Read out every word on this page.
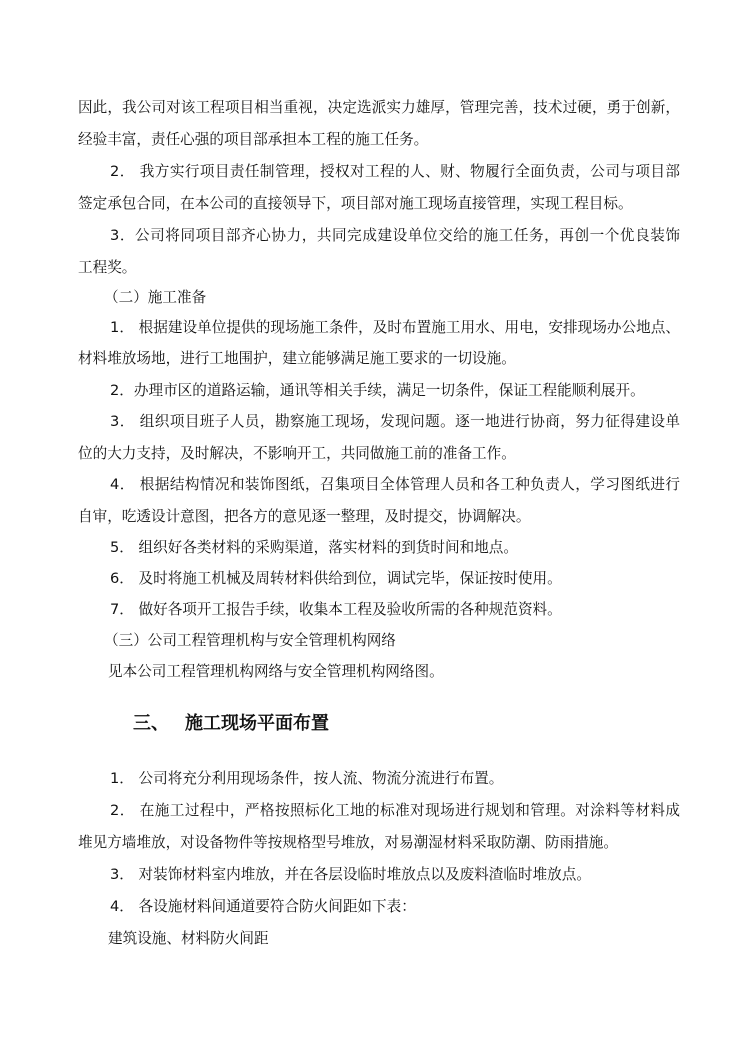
因此，我公司对该工程项目相当重视，决定选派实力雄厚，管理完善，技术过硬，勇于创新，
经验丰富，责任心强的项目部承担本工程的施工任务。
2． 我方实行项目责任制管理，授权对工程的人、财、物履行全面负责，公司与项目部
签定承包合同，在本公司的直接领导下，项目部对施工现场直接管理，实现工程目标。
3．公司将同项目部齐心协力，共同完成建设单位交给的施工任务，再创一个优良装饰
工程奖。
（二）施工准备
1． 根据建设单位提供的现场施工条件，及时布置施工用水、用电，安排现场办公地点、
材料堆放场地，进行工地围护，建立能够满足施工要求的一切设施。
2．办理市区的道路运输，通讯等相关手续，满足一切条件，保证工程能顺利展开。
3． 组织项目班子人员，勘察施工现场，发现问题。逐一地进行协商，努力征得建设单
位的大力支持，及时解决，不影响开工，共同做施工前的准备工作。
4． 根据结构情况和装饰图纸，召集项目全体管理人员和各工种负责人，学习图纸进行
自审，吃透设计意图，把各方的意见逐一整理，及时提交，协调解决。
5． 组织好各类材料的采购渠道，落实材料的到货时间和地点。
6． 及时将施工机械及周转材料供给到位，调试完毕，保证按时使用。
7． 做好各项开工报告手续，收集本工程及验收所需的各种规范资料。
（三）公司工程管理机构与安全管理机构网络
见本公司工程管理机构网络与安全管理机构网络图。
三、 施工现场平面布置
1． 公司将充分利用现场条件，按人流、物流分流进行布置。
2． 在施工过程中，严格按照标化工地的标准对现场进行规划和管理。对涂料等材料成
堆见方墙堆放，对设备物件等按规格型号堆放，对易潮湿材料采取防潮、防雨措施。
3． 对装饰材料室内堆放，并在各层设临时堆放点以及废料渣临时堆放点。
4． 各设施材料间通道要符合防火间距如下表：
建筑设施、材料防火间距
